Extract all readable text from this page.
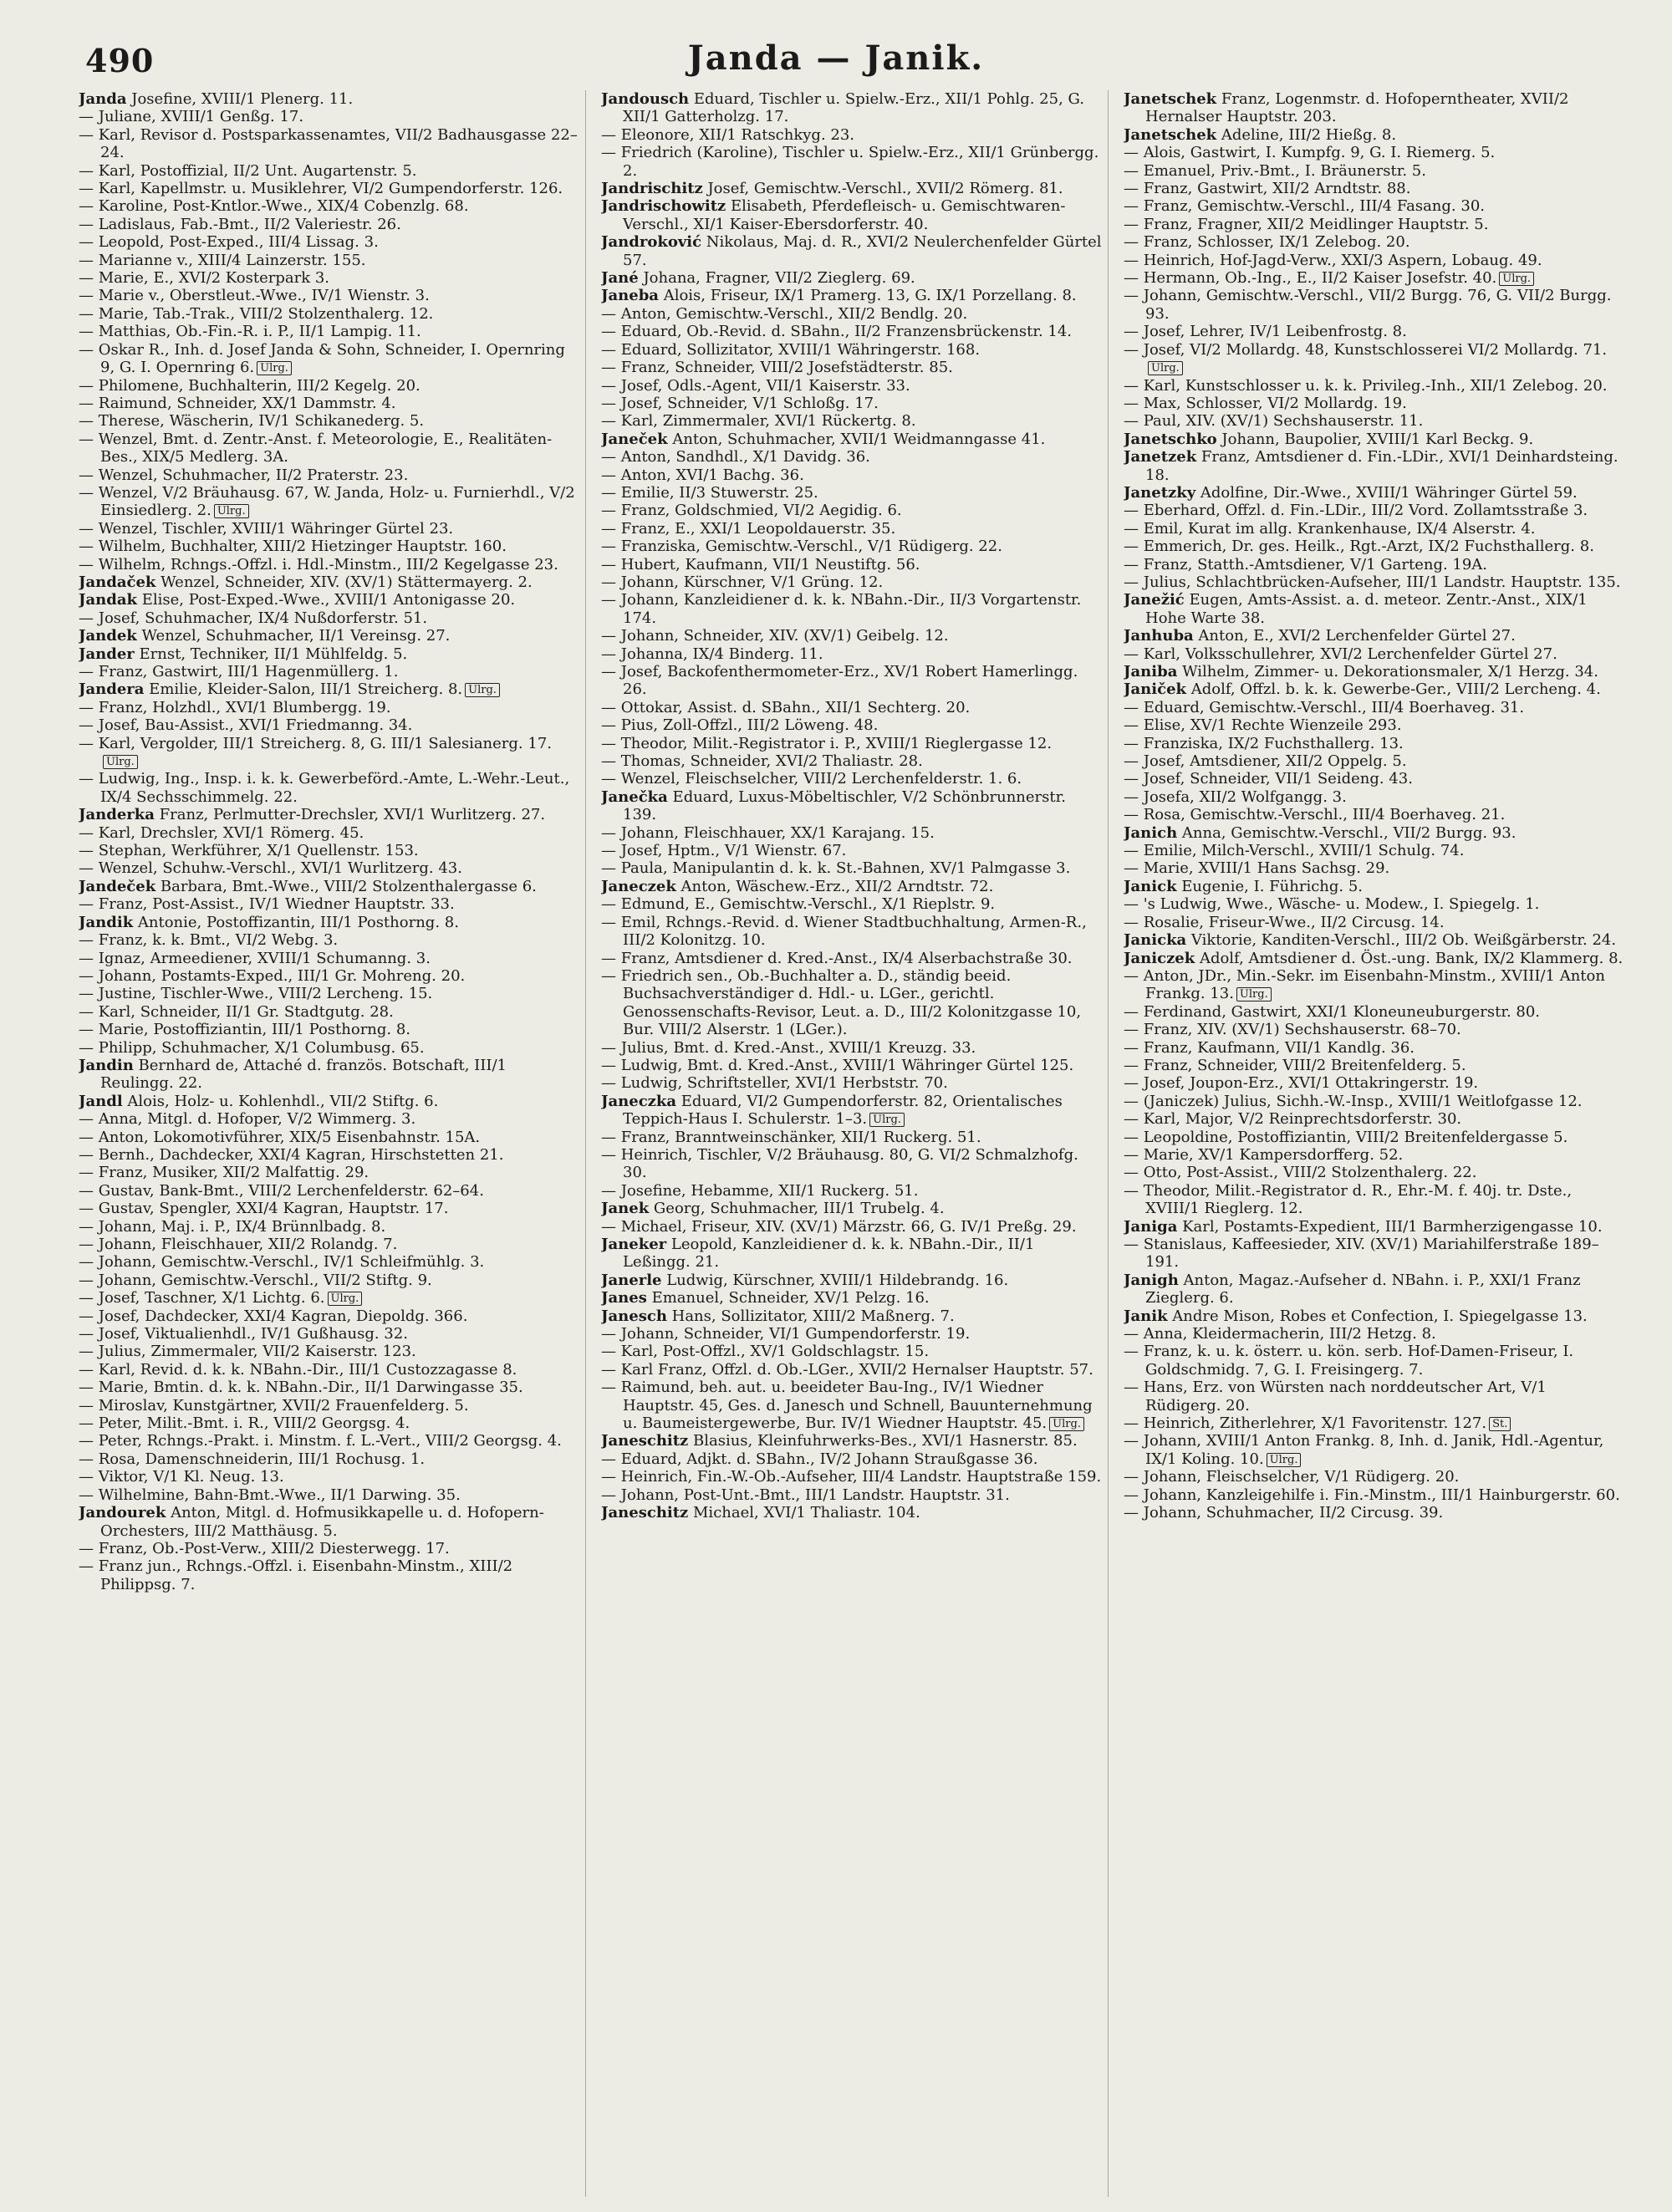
490	Janda — Janik.
Janda Josefine, XVIII/1 Plenerg. 11.
— Juliane, XVIII/1 Genßg. 17.
— Karl, Revisor d. Postsparkassenamtes, VII/2 Badhausgasse 22–24.
— Karl, Postoffizial, II/2 Unt. Augartenstr. 5.
— Karl, Kapellmstr. u. Musiklehrer, VI/2 Gumpendorferstr. 126.
— Karoline, Post-Kntlor.-Wwe., XIX/4 Cobenzlg. 68.
— Ladislaus, Fab.-Bmt., II/2 Valeriestr. 26.
— Leopold, Post-Exped., III/4 Lissag. 3.
— Marianne v., XIII/4 Lainzerstr. 155.
— Marie, E., XVI/2 Kosterpark 3.
— Marie v., Oberstleut.-Wwe., IV/1 Wienstr. 3.
— Marie, Tab.-Trak., VIII/2 Stolzenthalerg. 12.
— Matthias, Ob.-Fin.-R. i. P., II/1 Lampig. 11.
— Oskar R., Inh. d. Josef Janda & Sohn, Schneider, I. Opernring 9, G. I. Opernring 6. Ulrg.
— Philomene, Buchhalterin, III/2 Kegelg. 20.
— Raimund, Schneider, XX/1 Dammstr. 4.
— Therese, Wäscherin, IV/1 Schikanederg. 5.
— Wenzel, Bmt. d. Zentr.-Anst. f. Meteorologie, E., Realitäten-Bes., XIX/5 Medlerg. 3A.
— Wenzel, Schuhmacher, II/2 Praterstr. 23.
— Wenzel, V/2 Bräuhausg. 67, W. Janda, Holz- u. Furnierhdl., V/2 Einsiedlerg. 2. Ulrg.
— Wenzel, Tischler, XVIII/1 Währinger Gürtel 23.
— Wilhelm, Buchhalter, XIII/2 Hietzinger Hauptstr. 160.
— Wilhelm, Rchngs.-Offzl. i. Hdl.-Minstm., III/2 Kegelgasse 23.
Jandaček Wenzel, Schneider, XIV. (XV/1) Stättermayerg. 2.
Jandak Elise, Post-Exped.-Wwe., XVIII/1 Antonigasse 20.
— Josef, Schuhmacher, IX/4 Nußdorferstr. 51.
Jandek Wenzel, Schuhmacher, II/1 Vereinsg. 27.
Jander Ernst, Techniker, II/1 Mühlfeldg. 5.
— Franz, Gastwirt, III/1 Hagenmüllerg. 1.
Jandera Emilie, Kleider-Salon, III/1 Streicherg. 8. Ulrg.
— Franz, Holzhdl., XVI/1 Blumbergg. 19.
— Josef, Bau-Assist., XVI/1 Friedmanng. 34.
— Karl, Vergolder, III/1 Streicherg. 8, G. III/1 Salesianerg. 17.Ulrg.
— Ludwig, Ing., Insp. i. k. k. Gewerbeförd.-Amte, L.-Wehr.-Leut., IX/4 Sechsschimmelg. 22.
Janderka Franz, Perlmutter-Drechsler, XVI/1 Wurlitzerg. 27.
— Karl, Drechsler, XVI/1 Römerg. 45.
— Stephan, Werkführer, X/1 Quellenstr. 153.
— Wenzel, Schuhw.-Verschl., XVI/1 Wurlitzerg. 43.
Jandeček Barbara, Bmt.-Wwe., VIII/2 Stolzenthalergasse 6.
— Franz, Post-Assist., IV/1 Wiedner Hauptstr. 33.
Jandik Antonie, Postoffizantin, III/1 Posthorng. 8.
— Franz, k. k. Bmt., VI/2 Webg. 3.
— Ignaz, Armeediener, XVIII/1 Schumanng. 3.
— Johann, Postamts-Exped., III/1 Gr. Mohreng. 20.
— Justine, Tischler-Wwe., VIII/2 Lercheng. 15.
— Karl, Schneider, II/1 Gr. Stadtgutg. 28.
— Marie, Postoffiziantin, III/1 Posthorng. 8.
— Philipp, Schuhmacher, X/1 Columbusg. 65.
Jandin Bernhard de, Attaché d. französ. Botschaft, III/1 Reulingg. 22.
Jandl Alois, Holz- u. Kohlenhdl., VII/2 Stiftg. 6.
— Anna, Mitgl. d. Hofoper, V/2 Wimmerg. 3.
— Anton, Lokomotivführer, XIX/5 Eisenbahnstr. 15A.
— Bernh., Dachdecker, XXI/4 Kagran, Hirschstetten 21.
— Franz, Musiker, XII/2 Malfattig. 29.
— Gustav, Bank-Bmt., VIII/2 Lerchenfelderstr. 62–64.
— Gustav, Spengler, XXI/4 Kagran, Hauptstr. 17.
— Johann, Maj. i. P., IX/4 Brünnlbadg. 8.
— Johann, Fleischhauer, XII/2 Rolandg. 7.
— Johann, Gemischtw.-Verschl., IV/1 Schleifmühlg. 3.
— Johann, Gemischtw.-Verschl., VII/2 Stiftg. 9.
— Josef, Taschner, X/1 Lichtg. 6. Ulrg.
— Josef, Dachdecker, XXI/4 Kagran, Diepoldg. 366.
— Josef, Viktualienhdl., IV/1 Gußhausg. 32.
— Julius, Zimmermaler, VII/2 Kaiserstr. 123.
— Karl, Revid. d. k. k. NBahn.-Dir., III/1 Custozzagasse 8.
— Marie, Bmtin. d. k. k. NBahn.-Dir., II/1 Darwingasse 35.
— Miroslav, Kunstgärtner, XVII/2 Frauenfelderg. 5.
— Peter, Milit.-Bmt. i. R., VIII/2 Georgsg. 4.
— Peter, Rchngs.-Prakt. i. Minstm. f. L.-Vert., VIII/2 Georgsg. 4.
— Rosa, Damenschneiderin, III/1 Rochusg. 1.
— Viktor, V/1 Kl. Neug. 13.
— Wilhelmine, Bahn-Bmt.-Wwe., II/1 Darwing. 35.
Jandourek Anton, Mitgl. d. Hofmusikkapelle u. d. Hofopern-Orchesters, III/2 Matthäusg. 5.
— Franz, Ob.-Post-Verw., XIII/2 Diesterwegg. 17.
— Franz jun., Rchngs.-Offzl. i. Eisenbahn-Minstm., XIII/2 Philippsg. 7.
Jandousch Eduard, Tischler u. Spielw.-Erz., XII/1 Pohlg. 25, G. XII/1 Gatterholzg. 17.
— Eleonore, XII/1 Ratschkyg. 23.
— Friedrich (Karoline), Tischler u. Spielw.-Erz., XII/1 Grünbergg. 2.
Jandrischitz Josef, Gemischtw.-Verschl., XVII/2 Römerg. 81.
Jandrischowitz Elisabeth, Pferdefleisch- u. Gemischtwaren-Verschl., XI/1 Kaiser-Ebersdorferstr. 40.
Jandroković Nikolaus, Maj. d. R., XVI/2 Neulerchenfelder Gürtel 57.
Jané Johana, Fragner, VII/2 Zieglerg. 69.
Janeba Alois, Friseur, IX/1 Pramerg. 13, G. IX/1 Porzellang. 8.
— Anton, Gemischtw.-Verschl., XII/2 Bendlg. 20.
— Eduard, Ob.-Revid. d. SBahn., II/2 Franzensbrückenstr. 14.
— Eduard, Sollizitator, XVIII/1 Währingerstr. 168.
— Franz, Schneider, VIII/2 Josefstädterstr. 85.
— Josef, Odls.-Agent, VII/1 Kaiserstr. 33.
— Josef, Schneider, V/1 Schloßg. 17.
— Karl, Zimmermaler, XVI/1 Rückertg. 8.
Janeček Anton, Schuhmacher, XVII/1 Weidmanngasse 41.
— Anton, Sandhdl., X/1 Davidg. 36.
— Anton, XVI/1 Bachg. 36.
— Emilie, II/3 Stuwerstr. 25.
— Franz, Goldschmied, VI/2 Aegidig. 6.
— Franz, E., XXI/1 Leopoldauerstr. 35.
— Franziska, Gemischtw.-Verschl., V/1 Rüdigerg. 22.
— Hubert, Kaufmann, VII/1 Neustiftg. 56.
— Johann, Kürschner, V/1 Grüng. 12.
— Johann, Kanzleidiener d. k. k. NBahn.-Dir., II/3 Vorgartenstr. 174.
— Johann, Schneider, XIV. (XV/1) Geibelg. 12.
— Johanna, IX/4 Binderg. 11.
— Josef, Backofenthermometer-Erz., XV/1 Robert Hamerlingg. 26.
— Ottokar, Assist. d. SBahn., XII/1 Sechterg. 20.
— Pius, Zoll-Offzl., III/2 Löweng. 48.
— Theodor, Milit.-Registrator i. P., XVIII/1 Rieglergasse 12.
— Thomas, Schneider, XVI/2 Thaliastr. 28.
— Wenzel, Fleischselcher, VIII/2 Lerchenfelderstr. 1. 6.
Janečka Eduard, Luxus-Möbeltischler, V/2 Schönbrunnerstr. 139.
— Johann, Fleischhauer, XX/1 Karajang. 15.
— Josef, Hptm., V/1 Wienstr. 67.
— Paula, Manipulantin d. k. k. St.-Bahnen, XV/1 Palmgasse 3.
Janeczek Anton, Wäschew.-Erz., XII/2 Arndtstr. 72.
— Edmund, E., Gemischtw.-Verschl., X/1 Rieplstr. 9.
— Emil, Rchngs.-Revid. d. Wiener Stadtbuchhaltung, Armen-R., III/2 Kolonitzg. 10.
— Franz, Amtsdiener d. Kred.-Anst., IX/4 Alserbachstraße 30.
— Friedrich sen., Ob.-Buchhalter a. D., ständig beeid. Buchsachverständiger d. Hdl.- u. LGer., gerichtl. Genossenschafts-Revisor, Leut. a. D., III/2 Kolonitzgasse 10, Bur. VIII/2 Alserstr. 1 (LGer.).
— Julius, Bmt. d. Kred.-Anst., XVIII/1 Kreuzg. 33.
— Ludwig, Bmt. d. Kred.-Anst., XVIII/1 Währinger Gürtel 125.
— Ludwig, Schriftsteller, XVI/1 Herbststr. 70.
Janeczka Eduard, VI/2 Gumpendorferstr. 82, Orientalisches Teppich-Haus I. Schulerstr. 1–3. Ulrg.
— Franz, Branntweinschänker, XII/1 Ruckerg. 51.
— Heinrich, Tischler, V/2 Bräuhausg. 80, G. VI/2 Schmalzhofg. 30.
— Josefine, Hebamme, XII/1 Ruckerg. 51.
Janek Georg, Schuhmacher, III/1 Trubelg. 4.
— Michael, Friseur, XIV. (XV/1) Märzstr. 66, G. IV/1 Preßg. 29.
Janeker Leopold, Kanzleidiener d. k. k. NBahn.-Dir., II/1 Leßingg. 21.
Janerle Ludwig, Kürschner, XVIII/1 Hildebrandg. 16.
Janes Emanuel, Schneider, XV/1 Pelzg. 16.
Janesch Hans, Sollizitator, XIII/2 Maßnerg. 7.
— Johann, Schneider, VI/1 Gumpendorferstr. 19.
— Karl, Post-Offzl., XV/1 Goldschlagstr. 15.
— Karl Franz, Offzl. d. Ob.-LGer., XVII/2 Hernalser Hauptstr. 57.
— Raimund, beh. aut. u. beeideter Bau-Ing., IV/1 Wiedner Hauptstr. 45, Ges. d. Janesch und Schnell, Bauunternehmung u. Baumeistergewerbe, Bur. IV/1 Wiedner Hauptstr. 45. Ulrg.
Janeschitz Blasius, Kleinfuhrwerks-Bes., XVI/1 Hasnerstr. 85.
— Eduard, Adjkt. d. SBahn., IV/2 Johann Straußgasse 36.
— Heinrich, Fin.-W.-Ob.-Aufseher, III/4 Landstr. Hauptstraße 159.
— Johann, Post-Unt.-Bmt., III/1 Landstr. Hauptstr. 31.
Janeschitz Michael, XVI/1 Thaliastr. 104.
Janetschek Franz, Logenmstr. d. Hofoperntheater, XVII/2 Hernalser Hauptstr. 203.
Janetschek Adeline, III/2 Hießg. 8.
— Alois, Gastwirt, I. Kumpfg. 9, G. I. Riemerg. 5.
— Emanuel, Priv.-Bmt., I. Bräunerstr. 5.
— Franz, Gastwirt, XII/2 Arndtstr. 88.
— Franz, Gemischtw.-Verschl., III/4 Fasang. 30.
— Franz, Fragner, XII/2 Meidlinger Hauptstr. 5.
— Franz, Schlosser, IX/1 Zelebog. 20.
— Heinrich, Hof-Jagd-Verw., XXI/3 Aspern, Lobaug. 49.
— Hermann, Ob.-Ing., E., II/2 Kaiser Josefstr. 40. Ulrg.
— Johann, Gemischtw.-Verschl., VII/2 Burgg. 76, G. VII/2 Burgg. 93.
— Josef, Lehrer, IV/1 Leibenfrostg. 8.
— Josef, VI/2 Mollardg. 48, Kunstschlosserei VI/2 Mollardg. 71.Ulrg.
— Karl, Kunstschlosser u. k. k. Privileg.-Inh., XII/1 Zelebog. 20.
— Max, Schlosser, VI/2 Mollardg. 19.
— Paul, XIV. (XV/1) Sechshauserstr. 11.
Janetschko Johann, Baupolier, XVIII/1 Karl Beckg. 9.
Janetzek Franz, Amtsdiener d. Fin.-LDir., XVI/1 Deinhardsteing. 18.
Janetzky Adolfine, Dir.-Wwe., XVIII/1 Währinger Gürtel 59.
— Eberhard, Offzl. d. Fin.-LDir., III/2 Vord. Zollamtsstraße 3.
— Emil, Kurat im allg. Krankenhause, IX/4 Alserstr. 4.
— Emmerich, Dr. ges. Heilk., Rgt.-Arzt, IX/2 Fuchsthallerg. 8.
— Franz, Statth.-Amtsdiener, V/1 Garteng. 19A.
— Julius, Schlachtbrücken-Aufseher, III/1 Landstr. Hauptstr. 135.
Janežić Eugen, Amts-Assist. a. d. meteor. Zentr.-Anst., XIX/1 Hohe Warte 38.
Janhuba Anton, E., XVI/2 Lerchenfelder Gürtel 27.
— Karl, Volksschullehrer, XVI/2 Lerchenfelder Gürtel 27.
Janiba Wilhelm, Zimmer- u. Dekorationsmaler, X/1 Herzg. 34.
Janiček Adolf, Offzl. b. k. k. Gewerbe-Ger., VIII/2 Lercheng. 4.
— Eduard, Gemischtw.-Verschl., III/4 Boerhaveg. 31.
— Elise, XV/1 Rechte Wienzeile 293.
— Franziska, IX/2 Fuchsthallerg. 13.
— Josef, Amtsdiener, XII/2 Oppelg. 5.
— Josef, Schneider, VII/1 Seideng. 43.
— Josefa, XII/2 Wolfgangg. 3.
— Rosa, Gemischtw.-Verschl., III/4 Boerhaveg. 21.
Janich Anna, Gemischtw.-Verschl., VII/2 Burgg. 93.
— Emilie, Milch-Verschl., XVIII/1 Schulg. 74.
— Marie, XVIII/1 Hans Sachsg. 29.
Janick Eugenie, I. Führichg. 5.
— 's Ludwig, Wwe., Wäsche- u. Modew., I. Spiegelg. 1.
— Rosalie, Friseur-Wwe., II/2 Circusg. 14.
Janicka Viktorie, Kanditen-Verschl., III/2 Ob. Weißgärberstr. 24.
Janiczek Adolf, Amtsdiener d. Öst.-ung. Bank, IX/2 Klammerg. 8.
— Anton, JDr., Min.-Sekr. im Eisenbahn-Minstm., XVIII/1 Anton Frankg. 13. Ulrg.
— Ferdinand, Gastwirt, XXI/1 Kloneuneuburgerstr. 80.
— Franz, XIV. (XV/1) Sechshauserstr. 68–70.
— Franz, Kaufmann, VII/1 Kandlg. 36.
— Franz, Schneider, VIII/2 Breitenfelderg. 5.
— Josef, Joupon-Erz., XVI/1 Ottakringerstr. 19.
— (Janiczek) Julius, Sichh.-W.-Insp., XVIII/1 Weitlofgasse 12.
— Karl, Major, V/2 Reinprechtsdorferstr. 30.
— Leopoldine, Postoffiziantin, VIII/2 Breitenfeldergasse 5.
— Marie, XV/1 Kampersdorfferg. 52.
— Otto, Post-Assist., VIII/2 Stolzenthalerg. 22.
— Theodor, Milit.-Registrator d. R., Ehr.-M. f. 40j. tr. Dste., XVIII/1 Rieglerg. 12.
Janiga Karl, Postamts-Expedient, III/1 Barmherzigengasse 10.
— Stanislaus, Kaffeesieder, XIV. (XV/1) Mariahilferstraße 189–191.
Janigh Anton, Magaz.-Aufseher d. NBahn. i. P., XXI/1 Franz Zieglerg. 6.
Janik Andre Mison, Robes et Confection, I. Spiegelgasse 13.
— Anna, Kleidermacherin, III/2 Hetzg. 8.
— Franz, k. u. k. österr. u. kön. serb. Hof-Damen-Friseur, I. Goldschmidg. 7, G. I. Freisingerg. 7.
— Hans, Erz. von Würsten nach norddeutscher Art, V/1 Rüdigerg. 20.
— Heinrich, Zitherlehrer, X/1 Favoritenstr. 127. St.
— Johann, XVIII/1 Anton Frankg. 8, Inh. d. Janik, Hdl.-Agentur, IX/1 Koling. 10. Ulrg.
— Johann, Fleischselcher, V/1 Rüdigerg. 20.
— Johann, Kanzleigehilfe i. Fin.-Minstm., III/1 Hainburgerstr. 60.
— Johann, Schuhmacher, II/2 Circusg. 39.
